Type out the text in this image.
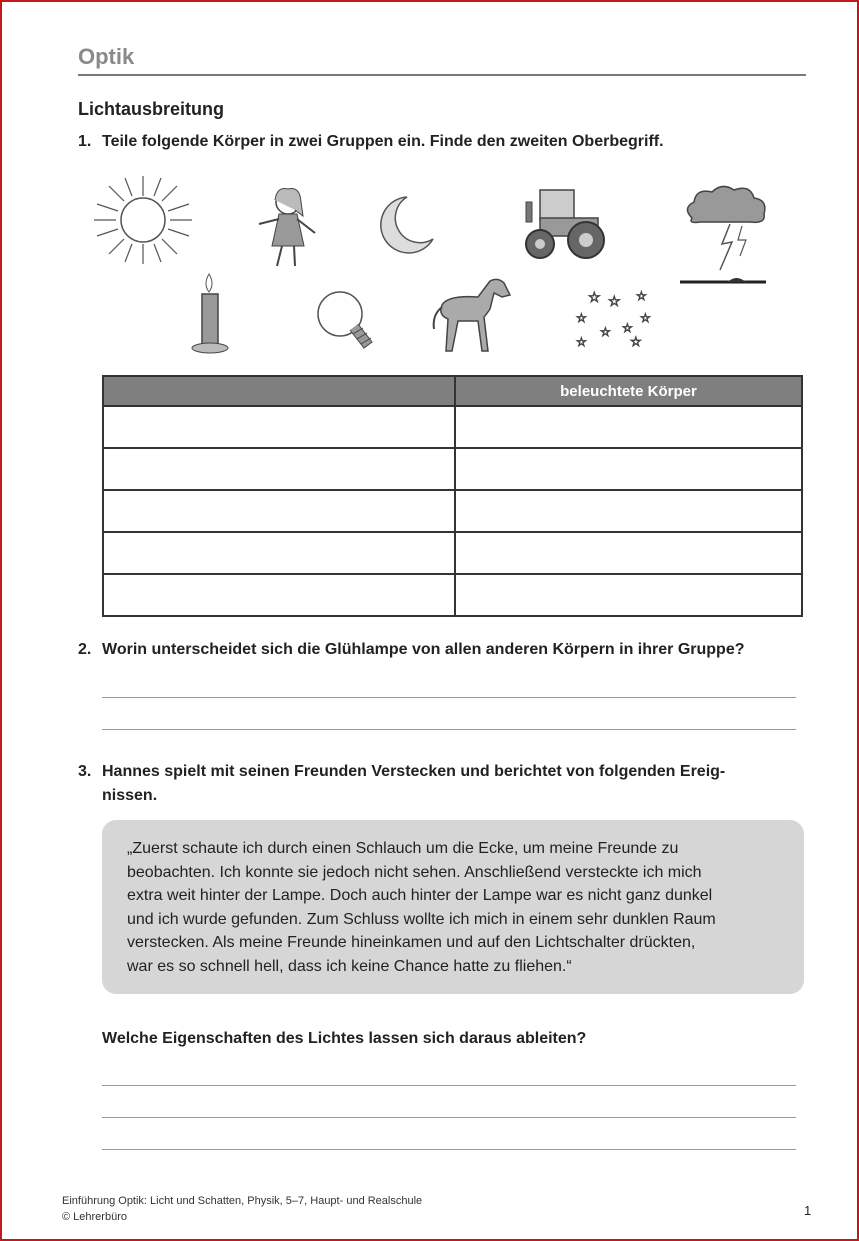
Optik
Lichtausbreitung
1. Teile folgende Körper in zwei Gruppen ein. Finde den zweiten Oberbegriff.
☆ ☆ ☆
☆	☆
☆ ☆
☆	☆
	beleuchtete Körper

2. Worin unterscheidet sich die Glühlampe von allen anderen Körpern in ihrer Gruppe?
3. Hannes spielt mit seinen Freunden Verstecken und berichtet von folgenden Ereig-
nissen.
„Zuerst schaute ich durch einen Schlauch um die Ecke, um meine Freunde zu
beobachten. Ich konnte sie jedoch nicht sehen. Anschließend versteckte ich mich
extra weit hinter der Lampe. Doch auch hinter der Lampe war es nicht ganz dunkel
und ich wurde gefunden. Zum Schluss wollte ich mich in einem sehr dunklen Raum
verstecken. Als meine Freunde hineinkamen und auf den Lichtschalter drückten,
war es so schnell hell, dass ich keine Chance hatte zu fliehen.“
Welche Eigenschaften des Lichtes lassen sich daraus ableiten?
Einführung Optik: Licht und Schatten, Physik, 5–7, Haupt- und Realschule
© Lehrerbüro	1
